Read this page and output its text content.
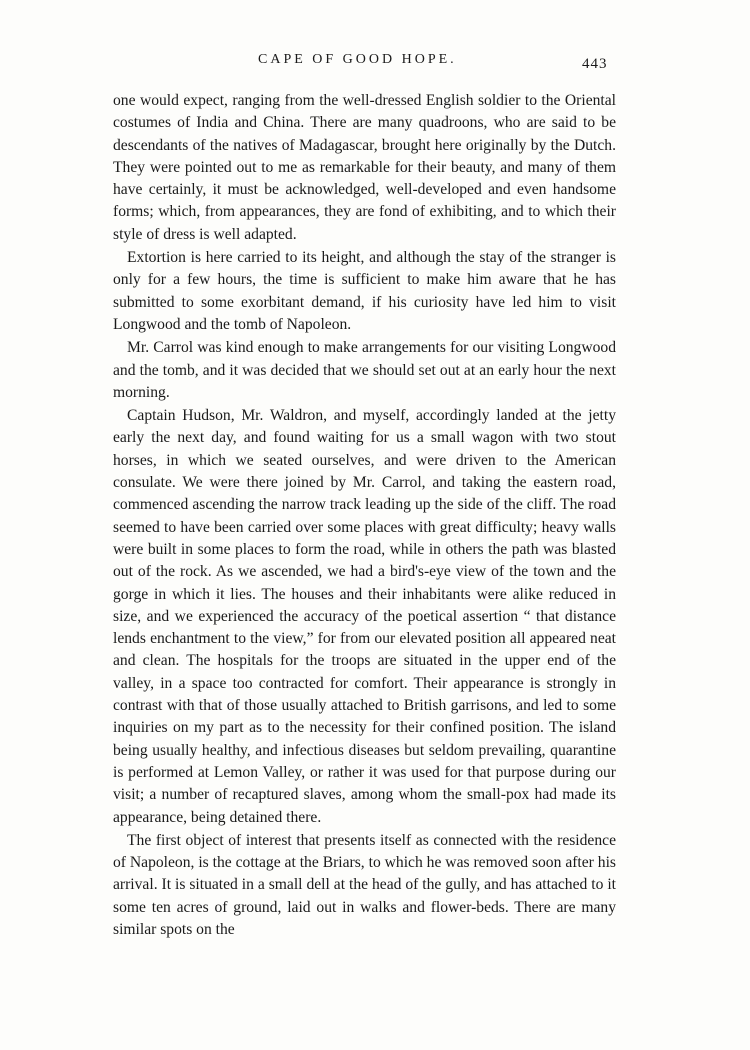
CAPE OF GOOD HOPE.	443

one would expect, ranging from the well-dressed English soldier to the Oriental costumes of India and China. There are many quadroons, who are said to be descendants of the natives of Madagascar, brought here originally by the Dutch. They were pointed out to me as remarkable for their beauty, and many of them have certainly, it must be acknowledged, well-developed and even handsome forms; which, from appearances, they are fond of exhibiting, and to which their style of dress is well adapted.

Extortion is here carried to its height, and although the stay of the stranger is only for a few hours, the time is sufficient to make him aware that he has submitted to some exorbitant demand, if his curiosity have led him to visit Longwood and the tomb of Napoleon.

Mr. Carrol was kind enough to make arrangements for our visiting Longwood and the tomb, and it was decided that we should set out at an early hour the next morning.

Captain Hudson, Mr. Waldron, and myself, accordingly landed at the jetty early the next day, and found waiting for us a small wagon with two stout horses, in which we seated ourselves, and were driven to the American consulate. We were there joined by Mr. Carrol, and taking the eastern road, commenced ascending the narrow track leading up the side of the cliff. The road seemed to have been carried over some places with great difficulty; heavy walls were built in some places to form the road, while in others the path was blasted out of the rock. As we ascended, we had a bird's-eye view of the town and the gorge in which it lies. The houses and their inhabitants were alike reduced in size, and we experienced the accuracy of the poetical assertion “ that distance lends enchantment to the view,” for from our elevated position all appeared neat and clean. The hospitals for the troops are situated in the upper end of the valley, in a space too contracted for comfort. Their appearance is strongly in contrast with that of those usually attached to British garrisons, and led to some inquiries on my part as to the necessity for their confined position. The island being usually healthy, and infectious diseases but seldom prevailing, quarantine is performed at Lemon Valley, or rather it was used for that purpose during our visit; a number of recaptured slaves, among whom the small-pox had made its appearance, being detained there.

The first object of interest that presents itself as connected with the residence of Napoleon, is the cottage at the Briars, to which he was removed soon after his arrival. It is situated in a small dell at the head of the gully, and has attached to it some ten acres of ground, laid out in walks and flower-beds. There are many similar spots on the
